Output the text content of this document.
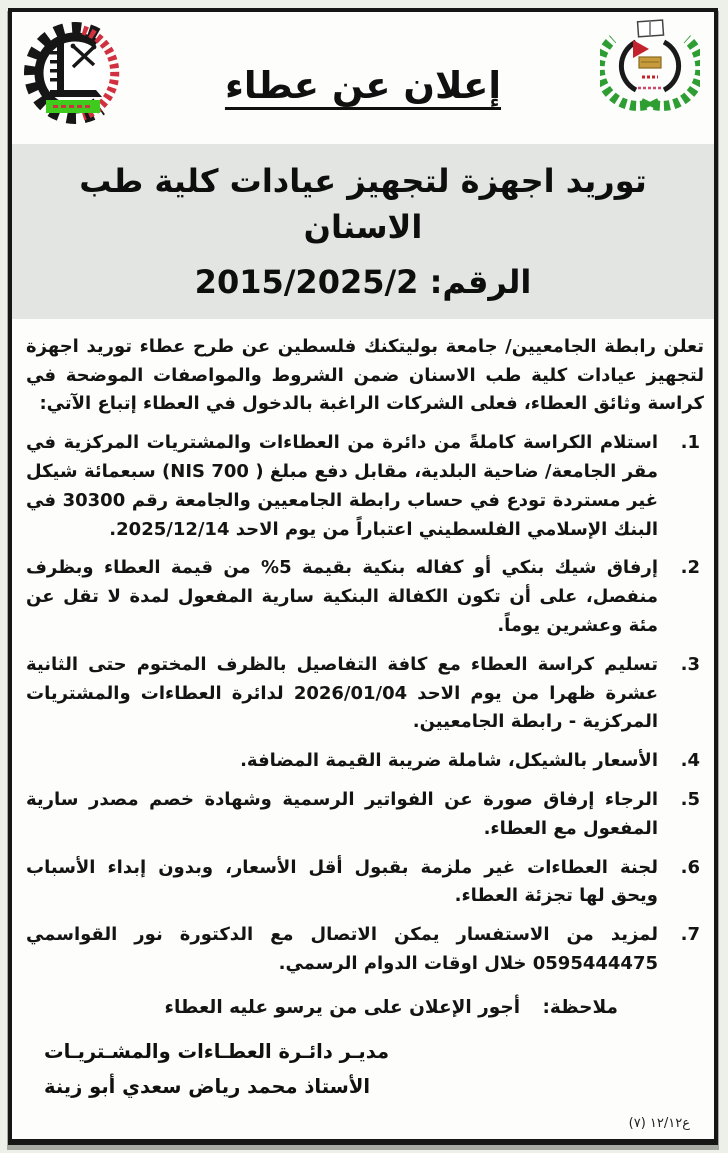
إعلان عن عطاء
توريد اجهزة لتجهيز عيادات كلية طب الاسنان
الرقم: 2015/2025/2

تعلن رابطة الجامعيين/ جامعة بوليتكنك فلسطين عن طرح عطاء توريد اجهزة لتجهيز عيادات كلية طب الاسنان ضمن الشروط والمواصفات الموضحة في كراسة وثائق العطاء، فعلى الشركات الراغبة بالدخول في العطاء إتباع الآتي:

1.
استلام الكراسة كاملةً من دائرة من العطاءات والمشتريات المركزية في مقر الجامعة/ ضاحية البلدية، مقابل دفع مبلغ ‪(NIS 700 )‬ سبعمائة شيكل غير مستردة تودع في حساب رابطة الجامعيين والجامعة رقم 30300 في البنك الإسلامي الفلسطيني اعتباراً من يوم الاحد 2025/12/14.
2.
إرفاق شيك بنكي أو كفاله بنكية بقيمة 5% من قيمة العطاء وبظرف منفصل، على أن تكون الكفالة البنكية سارية المفعول لمدة لا تقل عن مئة وعشرين يوماً.
3.
تسليم كراسة العطاء مع كافة التفاصيل بالظرف المختوم حتى الثانية عشرة ظهرا من يوم الاحد 2026/01/04 لدائرة العطاءات والمشتريات المركزية - رابطة الجامعيين.
4.
الأسعار بالشيكل، شاملة ضريبة القيمة المضافة.
5.
الرجاء إرفاق صورة عن الفواتير الرسمية وشهادة خصم مصدر سارية المفعول مع العطاء.
6.
لجنة العطاءات غير ملزمة بقبول أقل الأسعار، وبدون إبداء الأسباب ويحق لها تجزئة العطاء.
7.
لمزيد من الاستفسار يمكن الاتصال مع الدكتورة نور القواسمي 0595444475 خلال اوقات الدوام الرسمي.
ملاحظة: أجور الإعلان على من يرسو عليه العطاء
مديـر دائـرة العطـاءات والمشـتريـات
الأستاذ محمد رياض سعدي أبو زينة
ع١٢/١٢ (٧)
